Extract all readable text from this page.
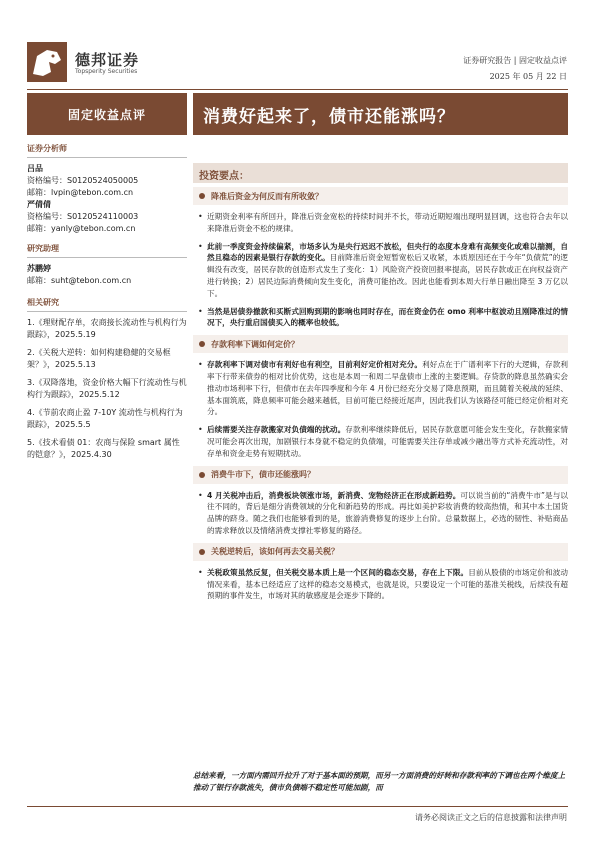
德邦证券
Topsperity Securities
证券研究报告 | 固定收益点评
2025 年 05 月 22 日
固定收益点评	消费好起来了，债市还能涨吗？
证券分析师
吕品
资格编号：S0120524050005
邮箱：lvpin@tebon.com.cn
严倩倩
资格编号：S0120524110003
邮箱：yanly@tebon.com.cn
研究助理
苏鹏婷
邮箱：suht@tebon.com.cn
相关研究
1.《理财配存单，农商接长流动性与机构行为跟踪》，2025.5.19
2.《关税大逆转：如何构建稳健的交易框架？》，2025.5.13
3.《双降落地，资金价格大幅下行流动性与机构行为跟踪》，2025.5.12
4.《节前农商止盈 7-10Y 流动性与机构行为跟踪》，2025.5.5
5.《技术看债 01：农商与保险 smart 属性的铠意？》，2025.4.30
投资要点：
降准后资金为何反而有所收敛？
• 近期资金利率有所回升，降准后资金宽松的持续时间并不长，带动近期短端出现明显回调，这也符合去年以来降准后资金不松的规律。
• 此前一季度资金持续偏紧，市场多认为是央行迟迟不放松，但央行的态度本身难有高频变化或难以揣测，自然且稳态的因素是银行存款的变化。目前降准后资金短暂宽松后又收紧，本质原因还在于今年“负债荒”的逻辑没有改变，居民存款的创造形式发生了变化：1）风险资产投资回报率提高，居民存款或正在向权益资产进行转换；2）居民边际消费倾向发生变化，消费可能抬改。因此也能看到本周大行单日融出降至 3 万亿以下。
• 当然是居债券撤款和买断式回购到期的影响也同时存在，而在资金仍在 omo 利率中枢波动且刚降准过的情况下，央行重启国债买入的概率也较低。
存款利率下调如何定价？
• 存款利率下调对债市有利好也有利空，目前利好定价相对充分。利好点在于广谱利率下行的大逻辑，存款利率下行带来债券的相对比价优势，这也是本周一和周二早盘债市上涨的主要逻辑。存贷款的降息虽然确实会推动市场利率下行，但债市在去年四季度和今年 4 月份已经充分交易了降息预期，而且随着关税战的延续、基本面筑底，降息频率可能会越来越低，目前可能已经接近尾声，因此我们认为该路径可能已经定价相对充分。
• 后续需要关注存款搬家对负债端的扰动。存款利率继续降低后，居民存款意愿可能会发生变化，存款搬家情况可能会再次出现，加剧银行本身就不稳定的负债端，可能需要关注存单或减少融出等方式补充流动性，对存单和资金走势有短期扰动。
消费牛市下，债市还能涨吗？
• 4 月关税冲击后，消费板块领涨市场，新消费、宠物经济正在形成新趋势。可以说当前的“消费牛市”是与以往不同的，背后是细分消费领域的分化和新趋势的形成。再比如美护彩妆消费的较高热情，和其中本土国货品牌的跻身。随之我们也能够看到的是，旅游消费修复的逐步上台阶。总量数据上，必选的韧性、补贴商品的需求释放以及情绪消费支撑社零修复的路径。
关税逆转后，该如何再去交易关税？
• 关税政策虽然反复，但关税交易本质上是一个区间的稳态交易，存在上下限。目前从股债的市场定价和波动情况来看，基本已经适应了这样的稳态交易模式，也就是说，只要设定一个可能的基准关税线，后续没有超预期的事件发生，市场对其的敏感度是会逐步下降的。
总结来看，一方面内需回升拉升了对于基本面的预期，而另一方面消费的好转和存款利率的下调也在两个维度上推动了银行存款流失，债市负债端不稳定性可能加剧，而
请务必阅读正文之后的信息披露和法律声明
